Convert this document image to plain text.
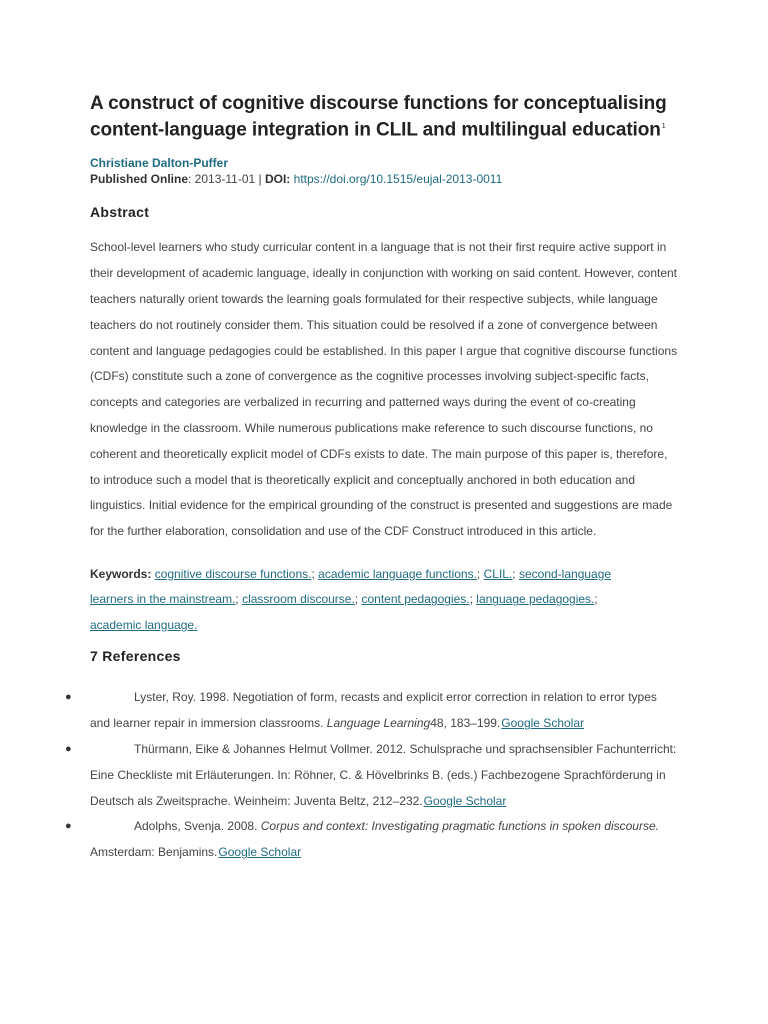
A construct of cognitive discourse functions for conceptualising content-language integration in CLIL and multilingual education$^1$
Christiane Dalton-Puffer
Published Online: 2013-11-01 | DOI: https://doi.org/10.1515/eujal-2013-0011
Abstract
School-level learners who study curricular content in a language that is not their first require active support in their development of academic language, ideally in conjunction with working on said content. However, content teachers naturally orient towards the learning goals formulated for their respective subjects, while language teachers do not routinely consider them. This situation could be resolved if a zone of convergence between content and language pedagogies could be established. In this paper I argue that cognitive discourse functions (CDFs) constitute such a zone of convergence as the cognitive processes involving subject-specific facts, concepts and categories are verbalized in recurring and patterned ways during the event of co-creating knowledge in the classroom. While numerous publications make reference to such discourse functions, no coherent and theoretically explicit model of CDFs exists to date. The main purpose of this paper is, therefore, to introduce such a model that is theoretically explicit and conceptually anchored in both education and linguistics. Initial evidence for the empirical grounding of the construct is presented and suggestions are made for the further elaboration, consolidation and use of the CDF Construct introduced in this article.
Keywords: cognitive discourse functions.; academic language functions.; CLIL.; second-language learners in the mainstream.; classroom discourse.; content pedagogies.; language pedagogies.; academic language.
7 References
●	Lyster, Roy. 1998. Negotiation of form, recasts and explicit error correction in relation to error types and learner repair in immersion classrooms. Language Learning48, 183–199.Google Scholar
●	Thürmann, Eike & Johannes Helmut Vollmer. 2012. Schulsprache und sprachsensibler Fachunterricht: Eine Checkliste mit Erläuterungen. In: Röhner, C. & Hövelbrinks B. (eds.) Fachbezogene Sprachförderung in Deutsch als Zweitsprache. Weinheim: Juventa Beltz, 212–232.Google Scholar
●	Adolphs, Svenja. 2008. Corpus and context: Investigating pragmatic functions in spoken discourse. Amsterdam: Benjamins.Google Scholar
